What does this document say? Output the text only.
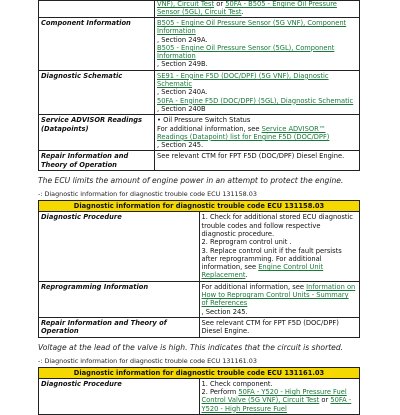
	VNF), Circuit Test or 50FA - B505 - Engine Oil Pressure Sensor (5GL), Circuit Test.
Component Information	B505 - Engine Oil Pressure Sensor (5G VNF), Component Information
, Section 249A.
B505 - Engine Oil Pressure Sensor (5GL), Component Information
, Section 249B.
Diagnostic Schematic	SE91 - Engine F5D (DOC/DPF) (5G VNF), Diagnostic Schematic
, Section 240A.
50FA - Engine F5D (DOC/DPF) (5GL), Diagnostic Schematic
, Section 240B
Service ADVISOR Readings (Datapoints)	• Oil Pressure Switch Status
For additional information, see Service ADVISOR™ Readings (Datapoint) list for Engine F5D (DOC/DPF)
, Section 245.
Repair Information and Theory of Operation	See relevant CTM for FPT F5D (DOC/DPF) Diesel Engine.

The ECU limits the amount of engine power in an attempt to protect the engine.

-: Diagnostic information for diagnostic trouble code ECU 131158.03

Diagnostic information for diagnostic trouble code ECU 131158.03	
Diagnostic Procedure	1. Check for additional stored ECU diagnostic trouble codes and follow respective diagnostic procedure.
2. Reprogram control unit .
3. Replace control unit if the fault persists after reprogramming. For additional information, see Engine Control Unit Replacement.

Reprogramming Information	For additional information, see Information on How to Reprogram Control Units - Summary of References
, Section 245.
Repair Information and Theory of Operation	See relevant CTM for FPT F5D (DOC/DPF) Diesel Engine.

Voltage at the lead of the valve is high. This indicates that the circuit is shorted.

-: Diagnostic information for diagnostic trouble code ECU 131161.03

Diagnostic information for diagnostic trouble code ECU 131161.03
Diagnostic Procedure	1. Check component.
2. Perform 50FA - Y520 - High Pressure Fuel Control Valve (5G VNF), Circuit Test or 50FA - Y520 - High Pressure Fuel
